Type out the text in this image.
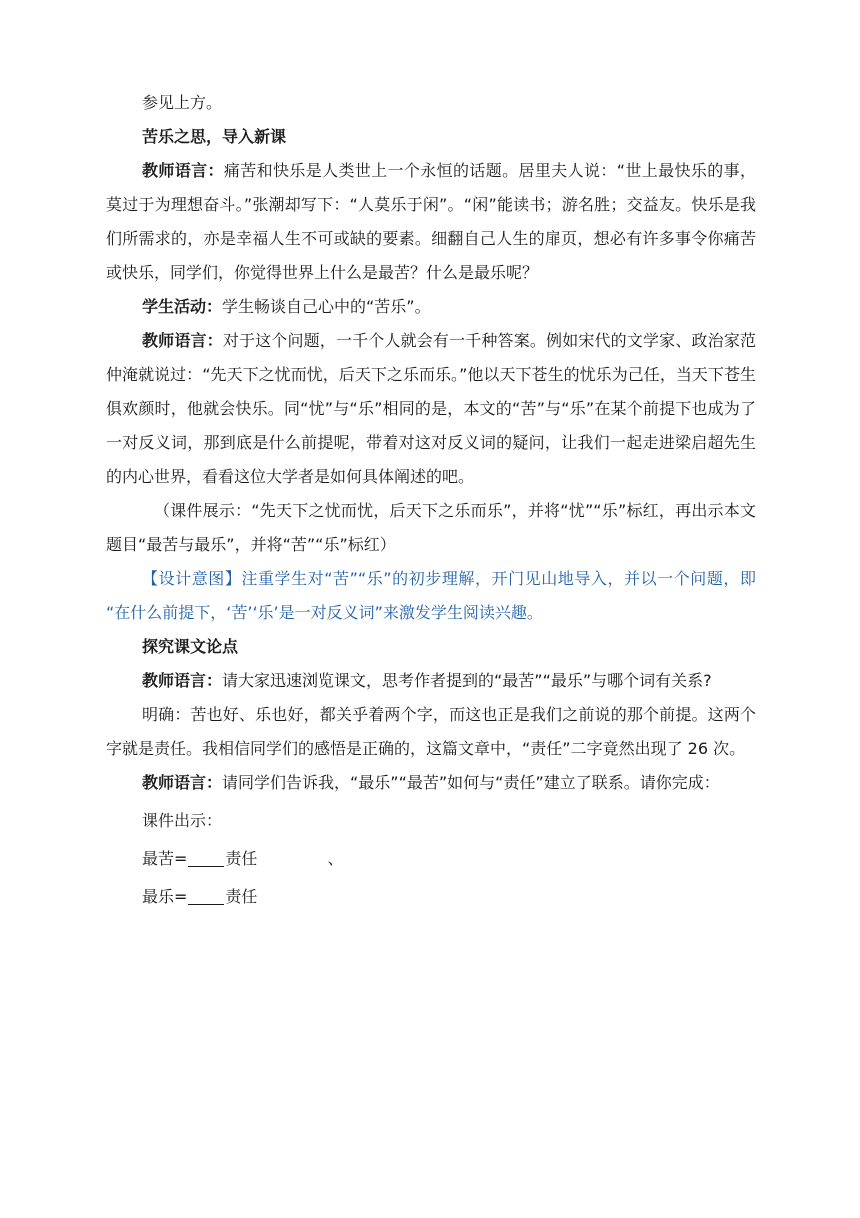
参见上方。

苦乐之思，导入新课

教师语言：痛苦和快乐是人类世上一个永恒的话题。居里夫人说：“世上最快乐的事，莫过于为理想奋斗。”张潮却写下：“人莫乐于闲”。“闲”能读书；游名胜；交益友。快乐是我们所需求的，亦是幸福人生不可或缺的要素。细翻自己人生的扉页，想必有许多事令你痛苦或快乐，同学们，你觉得世界上什么是最苦？什么是最乐呢？

学生活动：学生畅谈自己心中的“苦乐”。

教师语言：对于这个问题，一千个人就会有一千种答案。例如宋代的文学家、政治家范仲淹就说过：“先天下之忧而忧，后天下之乐而乐。”他以天下苍生的忧乐为己任，当天下苍生俱欢颜时，他就会快乐。同“忧”与“乐”相同的是，本文的“苦”与“乐”在某个前提下也成为了一对反义词，那到底是什么前提呢，带着对这对反义词的疑问，让我们一起走进梁启超先生的内心世界，看看这位大学者是如何具体阐述的吧。

（课件展示：“先天下之忧而忧，后天下之乐而乐”，并将“忧”“乐”标红，再出示本文题目“最苦与最乐”，并将“苦”“乐”标红）

【设计意图】注重学生对“苦”“乐”的初步理解，开门见山地导入，并以一个问题，即 “在什么前提下，‘苦’‘乐’是一对反义词”来激发学生阅读兴趣。

探究课文论点

教师语言：请大家迅速浏览课文，思考作者提到的“最苦”“最乐”与哪个词有关系?

明确：苦也好、乐也好，都关乎着两个字，而这也正是我们之前说的那个前提。这两个字就是责任。我相信同学们的感悟是正确的，这篇文章中，“责任”二字竟然出现了 26 次。

教师语言：请同学们告诉我，“最乐”“最苦”如何与“责任”建立了联系。请你完成：

课件出示：

最苦= 责任	、

最乐= 责任
